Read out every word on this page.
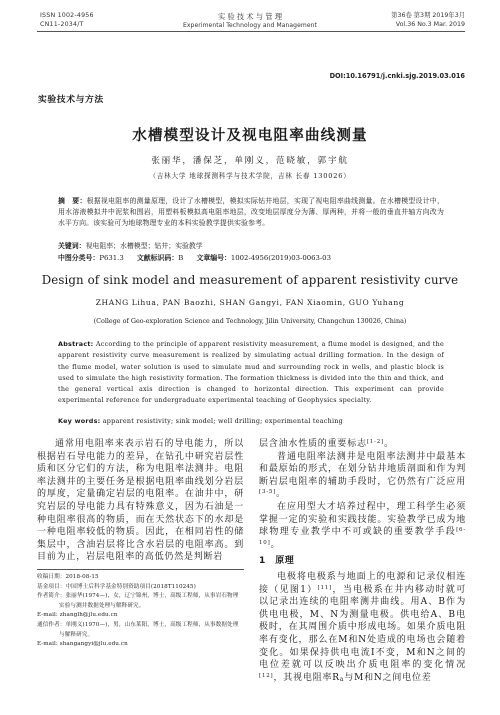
ISSN 1002-4956
CN11-2034/T
实 验 技 术 与 管 理
Experimental Technology and Management
第36卷 第3期 2019年3月
Vol.36 No.3 Mar. 2019
DOI:10.16791/j.cnki.sjg.2019.03.016
实验技术与方法
水槽模型设计及视电阻率曲线测量
张丽华，潘保芝，单刚义，范晓敏，郭宇航
（吉林大学 地球探测科学与技术学院，吉林 长春 130026）
摘　要：根据视电阻率的测量原理，设计了水槽模型，模拟实际钻井地层，实现了视电阻率曲线测量。在水槽模型设计中，用水溶液模拟井中泥浆和围岩，用塑料板模拟高电阻率地层，改变地层厚度分为薄、厚两种，并将一般的垂直井轴方向改为水平方向。该实验可为地球物理专业的本科实验教学提供实验参考。
关键词：视电阻率；水槽模型；钻井；实验教学
中图分类号：P631.3 文献标识码：B 文章编号：1002-4956(2019)03-0063-03
Design of sink model and measurement of apparent resistivity curve
ZHANG Lihua, PAN Baozhi, SHAN Gangyi, FAN Xiaomin, GUO Yuhang
(College of Geo-exploration Science and Technology, Jilin University, Changchun 130026, China)
Abstract: According to the principle of apparent resistivity measurement, a flume model is designed, and the apparent resistivity curve measurement is realized by simulating actual drilling formation. In the design of the flume model, water solution is used to simulate mud and surrounding rock in wells, and plastic block is used to simulate the high resistivity formation. The formation thickness is divided into the thin and thick, and the general vertical axis direction is changed to horizontal direction. This experiment can provide experimental reference for undergraduate experimental teaching of Geophysics specialty.
Key words: apparent resistivity; sink model; well drilling; experimental teaching

通常用电阻率来表示岩石的导电能力，所以根据岩石导电能力的差异，在钻孔中研究岩层性质和区分它们的方法，称为电阻率法测井。电阻率法测井的主要任务是根据电阻率曲线划分岩层的厚度，定量确定岩层的电阻率。在油井中，研究岩层的导电能力具有特殊意义，因为石油是一种电阻率很高的物质，而在天然状态下的水却是一种电阻率较低的物质。因此，在相同岩性的储集层中，含油岩层将比含水岩层的电阻率高。到目前为止，岩层电阻率的高低仍然是判断岩

收稿日期：2018-08-15
基金项目：中国博士后科学基金特别资助项目(2018T110245)
作者简介：张丽华(1974—)，女，辽宁锦州，博士，高级工程师，从事岩石物理实验与测井数据处理与解释研究。
E-mail: zhanglh@jlu.edu.cn
通信作者：单刚义(1970—)，男，山东莱阳，博士，高级工程师，从事数据处理与解释研究。
E-mail: shangangyi@jlu.edu.cn

层含油水性质的重要标志[1-2]。

普通电阻率法测井是电阻率法测井中最基本和最原始的形式，在划分钻井地质剖面和作为判断岩层电阻率的辅助手段时，它仍然有广泛应用[3-5]。

在应用型大才培养过程中，理工科学生必须掌握一定的实验和实践技能。实验教学已成为地球物理专业教学中不可或缺的重要教学手段[6-10]。

1　原理

电极将电极系与地面上的电源和记录仪相连接（见图1）[11]，当电极系在井内移动时就可以记录出连续的电阻率测井曲线。用A、B作为供电电极，M、N为测量电极。供电给A、B电极时，在其周围介质中形成电场。如果介质电阻率有变化，那么在M和N处造成的电场也会随着变化。如果保持供电电流I不变，M和N之间的电位差就可以反映出介质电阻率的变化情况[12]，其视电阻率$R_a$与M和N之间电位差
